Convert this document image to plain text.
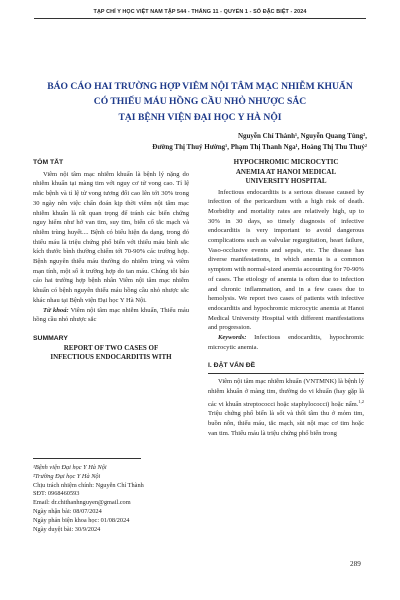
TẠP CHÍ Y HỌC VIỆT NAM TẬP 544 - THÁNG 11 - QUYỂN 1 - SỐ ĐẶC BIỆT - 2024
BÁO CÁO HAI TRƯỜNG HỢP VIÊM NỘI TÂM MẠC NHIỄM KHUẨN
CÓ THIẾU MÁU HỒNG CẦU NHỎ NHƯỢC SẮC
TẠI BỆNH VIỆN ĐẠI HỌC Y HÀ NỘI
Nguyễn Chí Thành¹, Nguyễn Quang Tùng²,
Đường Thị Thuý Hường¹, Phạm Thị Thanh Nga¹, Hoàng Thị Thu Thuỷ²
TÓM TẮT

Viêm nội tâm mạc nhiễm khuẩn là bệnh lý nặng do nhiễm khuẩn tại màng tim với nguy cơ tử vong cao. Tỉ lệ mắc bệnh và tỉ lệ tử vong tương đối cao lên tới 30% trong 30 ngày nên việc chẩn đoán kịp thời viêm nội tâm mạc nhiễm khuẩn là rất quan trọng để tránh các biến chứng nguy hiểm như hở van tim, suy tim, biến cố tắc mạch và nhiễm trùng huyết.... Bệnh có biểu hiện đa dạng, trong đó thiếu máu là triệu chứng phổ biến với thiếu máu bình sắc kích thước bình thường chiếm tới 70-90% các trường hợp. Bệnh nguyên thiếu máu thường do nhiễm trùng và viêm mạn tính, một số ít trường hợp do tan máu. Chúng tôi báo cáo hai trường hợp bệnh nhân Viêm nội tâm mạc nhiễm khuẩn có bệnh nguyên thiếu máu hồng cầu nhỏ nhược sắc khác nhau tại Bệnh viện Đại học Y Hà Nội.

Từ khoá: Viêm nội tâm mạc nhiễm khuẩn, Thiếu máu hồng cầu nhỏ nhược sắc

SUMMARY

REPORT OF TWO CASES OF

INFECTIOUS ENDOCARDITIS WITH

¹Bệnh viện Đại học Y Hà Nội
²Trường Đại học Y Hà Nội
Chịu trách nhiệm chính: Nguyễn Chí Thành
SĐT: 0968460593
Email: dr.chithanhnguyen@gmail.com
Ngày nhận bài: 08/07/2024
Ngày phản biện khoa học: 01/08/2024
Ngày duyệt bài: 30/9/2024

HYPOCHROMIC MICROCYTIC

ANEMIA AT HANOI MEDICAL

UNIVERSITY HOSPITAL

Infectious endocarditis is a serious disease caused by infection of the pericardium with a high risk of death. Morbidity and mortality rates are relatively high, up to 30% in 30 days, so timely diagnosis of infective endocarditis is very important to avoid dangerous complications such as valvular regurgitation, heart failure, Vaso-occlusive events and sepsis, etc. The disease has diverse manifestations, in which anemia is a common symptom with normal-sized anemia accounting for 70-90% of cases. The etiology of anemia is often due to infection and chronic inflammation, and in a few cases due to hemolysis. We report two cases of patients with infective endocarditis and hypochromic microcytic anemia at Hanoi Medical University Hospital with different manifestations and progression.

Keywords: Infectious endocarditis, hypochromic microcytic anemia.

I. ĐẶT VẤN ĐỀ

Viêm nội tâm mạc nhiễm khuẩn (VNTMNK) là bệnh lý nhiễm khuẩn ở màng tim, thường do vi khuẩn (hay gặp là các vi khuẩn streptococci hoặc staphylococci) hoặc nấm.$^{1,2}$ Triệu chứng phổ biến là sốt và thổi tâm thu ở mỏm tim, buồn nôn, thiếu máu, tắc mạch, sùi nội mạc cơ tim hoặc van tim. Thiếu máu là triệu chứng phổ biến trong

289
